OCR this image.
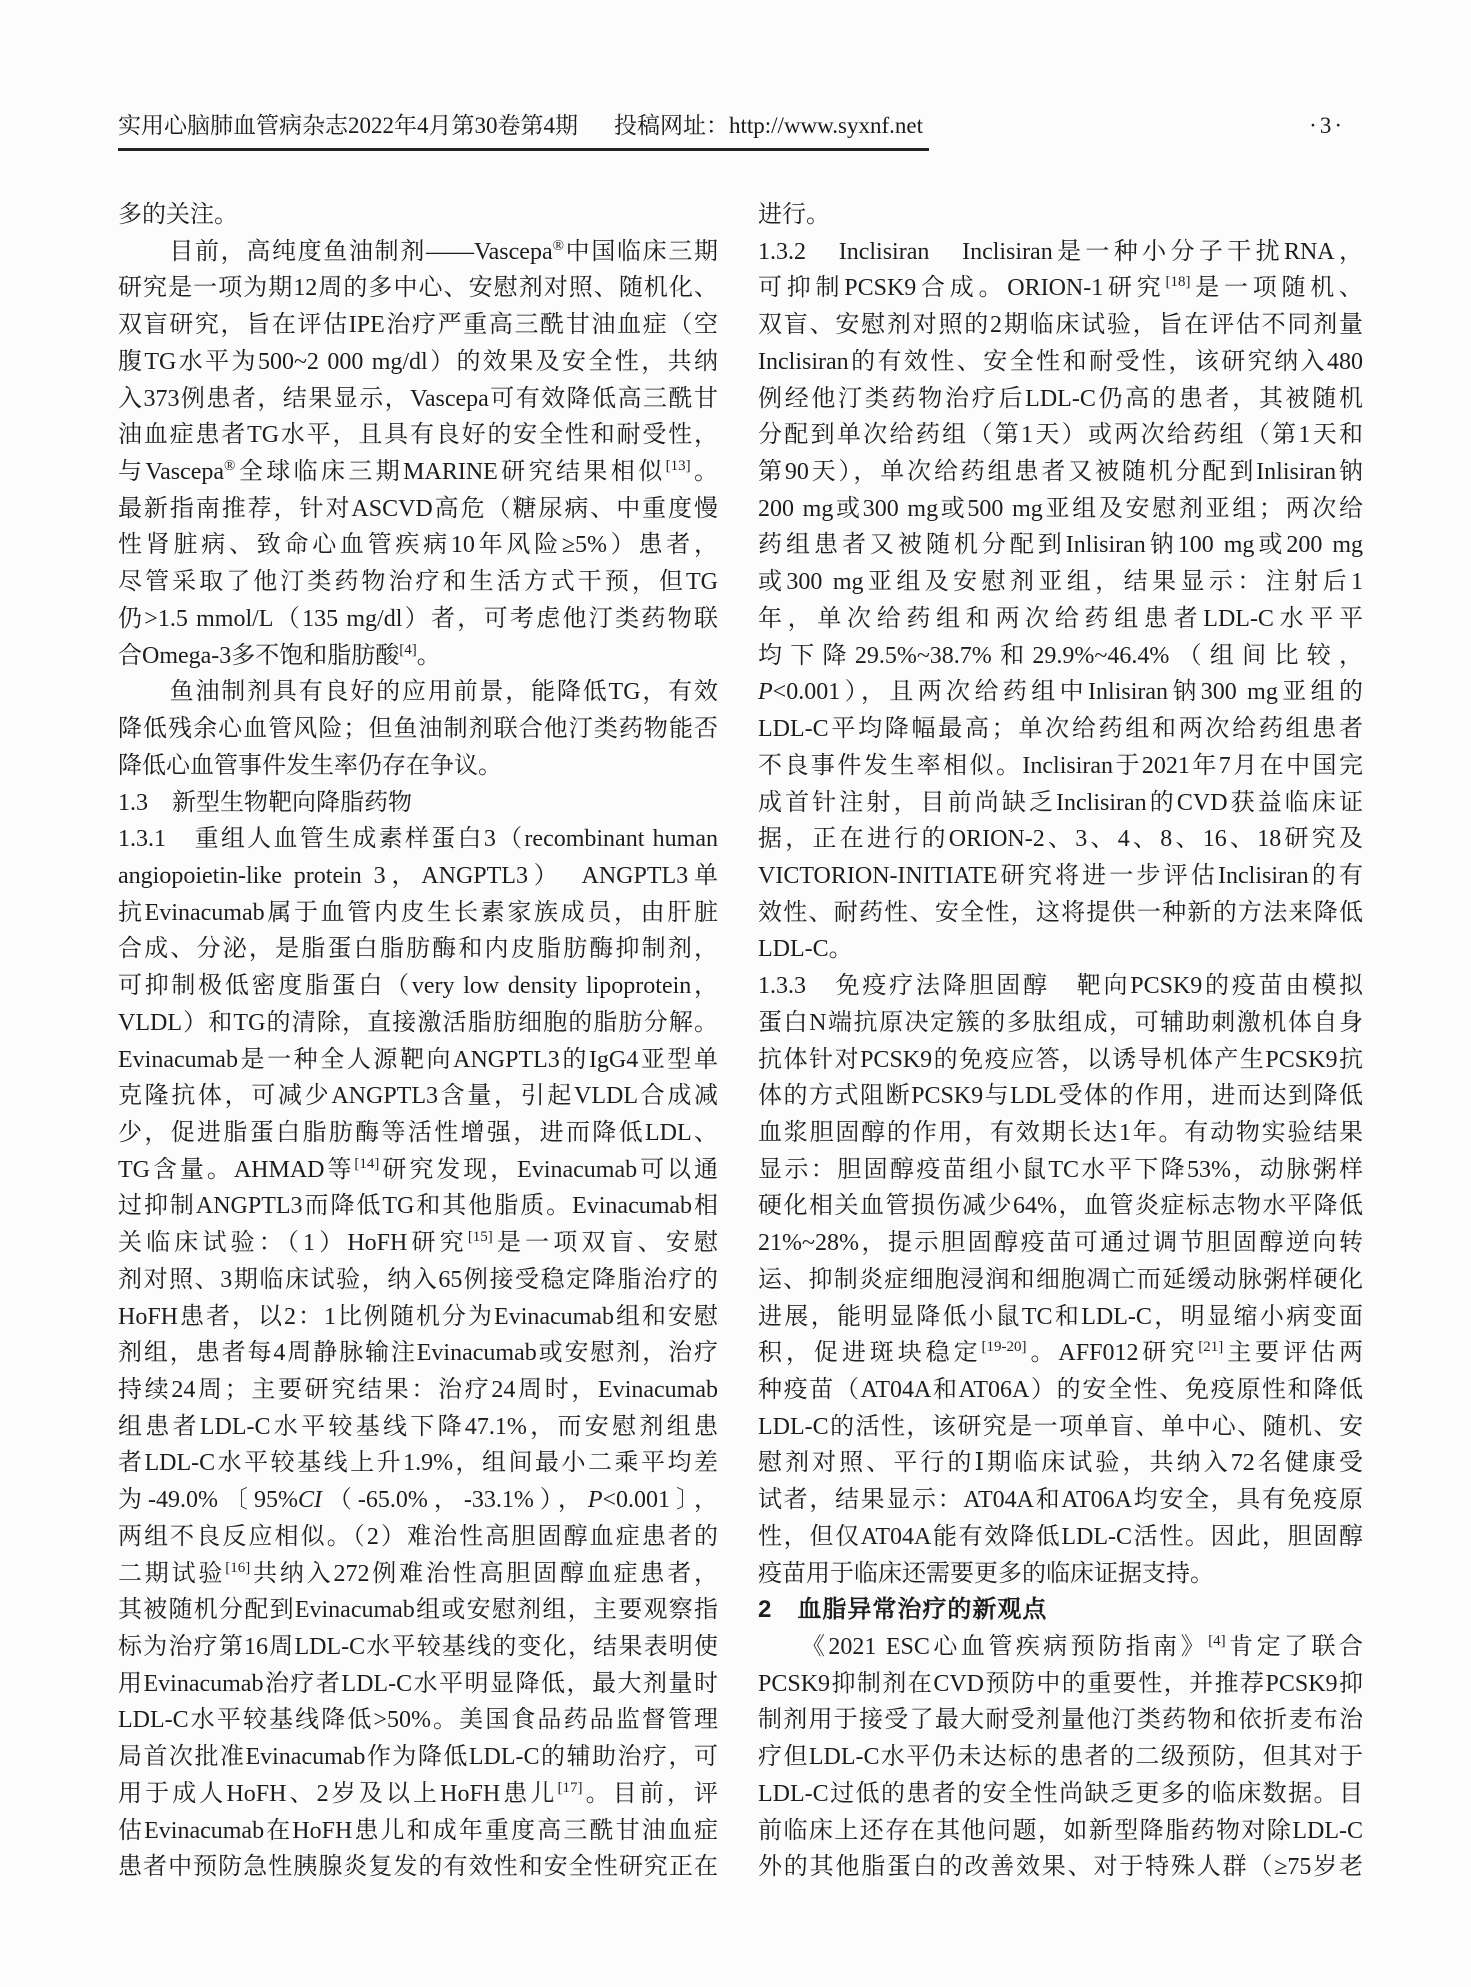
实用心脑肺血管病杂志2022年4月第30卷第4期 投稿网址：http://www.syxnf.net	·3·
多的关注。
　　目前，高纯度鱼油制剂——Vascepa®中国临床三期
研究是一项为期12周的多中心、安慰剂对照、随机化、
双盲研究，旨在评估IPE治疗严重高三酰甘油血症（空
腹TG水平为500~2 000 mg/dl）的效果及安全性，共纳
入373例患者，结果显示，Vascepa可有效降低高三酰甘
油血症患者TG水平，且具有良好的安全性和耐受性，
与Vascepa®全球临床三期MARINE研究结果相似[13]。
最新指南推荐，针对ASCVD高危（糖尿病、中重度慢
性肾脏病、致命心血管疾病10年风险≥5%）患者，
尽管采取了他汀类药物治疗和生活方式干预，但TG
仍>1.5 mmol/L（135 mg/dl）者，可考虑他汀类药物联
合Omega-3多不饱和脂肪酸[4]。
　　鱼油制剂具有良好的应用前景，能降低TG，有效
降低残余心血管风险；但鱼油制剂联合他汀类药物能否
降低心血管事件发生率仍存在争议。
1.3　新型生物靶向降脂药物
1.3.1　重组人血管生成素样蛋白3（recombinant human
angiopoietin-like protein 3，ANGPTL3）　ANGPTL3单
抗Evinacumab属于血管内皮生长素家族成员，由肝脏
合成、分泌，是脂蛋白脂肪酶和内皮脂肪酶抑制剂，
可抑制极低密度脂蛋白（very low density lipoprotein，
VLDL）和TG的清除，直接激活脂肪细胞的脂肪分解。
Evinacumab是一种全人源靶向ANGPTL3的IgG4亚型单
克隆抗体，可减少ANGPTL3含量，引起VLDL合成减
少，促进脂蛋白脂肪酶等活性增强，进而降低LDL、
TG含量。AHMAD等[14]研究发现，Evinacumab可以通
过抑制ANGPTL3而降低TG和其他脂质。Evinacumab相
关临床试验：（1）HoFH研究[15]是一项双盲、安慰
剂对照、3期临床试验，纳入65例接受稳定降脂治疗的
HoFH患者，以2：1比例随机分为Evinacumab组和安慰
剂组，患者每4周静脉输注Evinacumab或安慰剂，治疗
持续24周；主要研究结果：治疗24周时，Evinacumab
组患者LDL-C水平较基线下降47.1%，而安慰剂组患
者LDL-C水平较基线上升1.9%，组间最小二乘平均差
为-49.0%〔95%CI（-65.0%，-33.1%），P<0.001〕，
两组不良反应相似。（2）难治性高胆固醇血症患者的
二期试验[16]共纳入272例难治性高胆固醇血症患者，
其被随机分配到Evinacumab组或安慰剂组，主要观察指
标为治疗第16周LDL-C水平较基线的变化，结果表明使
用Evinacumab治疗者LDL-C水平明显降低，最大剂量时
LDL-C水平较基线降低>50%。美国食品药品监督管理
局首次批准Evinacumab作为降低LDL-C的辅助治疗，可
用于成人HoFH、2岁及以上HoFH患儿[17]。目前，评
估Evinacumab在HoFH患儿和成年重度高三酰甘油血症
患者中预防急性胰腺炎复发的有效性和安全性研究正在
进行。
1.3.2　Inclisiran　Inclisiran是一种小分子干扰RNA，
可抑制PCSK9合成。ORION-1研究[18]是一项随机、
双盲、安慰剂对照的2期临床试验，旨在评估不同剂量
Inclisiran的有效性、安全性和耐受性，该研究纳入480
例经他汀类药物治疗后LDL-C仍高的患者，其被随机
分配到单次给药组（第1天）或两次给药组（第1天和
第90天），单次给药组患者又被随机分配到Inlisiran钠
200 mg或300 mg或500 mg亚组及安慰剂亚组；两次给
药组患者又被随机分配到Inlisiran钠100 mg或200 mg
或300 mg亚组及安慰剂亚组，结果显示：注射后1
年，单次给药组和两次给药组患者LDL-C水平平
均下降29.5%~38.7%和29.9%~46.4%（组间比较，
P<0.001），且两次给药组中Inlisiran钠300 mg亚组的
LDL-C平均降幅最高；单次给药组和两次给药组患者
不良事件发生率相似。Inclisiran于2021年7月在中国完
成首针注射，目前尚缺乏Inclisiran的CVD获益临床证
据，正在进行的ORION-2、3、4、8、16、18研究及
VICTORION-INITIATE研究将进一步评估Inclisiran的有
效性、耐药性、安全性，这将提供一种新的方法来降低
LDL-C。
1.3.3　免疫疗法降胆固醇　靶向PCSK9的疫苗由模拟
蛋白N端抗原决定簇的多肽组成，可辅助刺激机体自身
抗体针对PCSK9的免疫应答，以诱导机体产生PCSK9抗
体的方式阻断PCSK9与LDL受体的作用，进而达到降低
血浆胆固醇的作用，有效期长达1年。有动物实验结果
显示：胆固醇疫苗组小鼠TC水平下降53%，动脉粥样
硬化相关血管损伤减少64%，血管炎症标志物水平降低
21%~28%，提示胆固醇疫苗可通过调节胆固醇逆向转
运、抑制炎症细胞浸润和细胞凋亡而延缓动脉粥样硬化
进展，能明显降低小鼠TC和LDL-C，明显缩小病变面
积，促进斑块稳定[19-20]。AFF012研究[21]主要评估两
种疫苗（AT04A和AT06A）的安全性、免疫原性和降低
LDL-C的活性，该研究是一项单盲、单中心、随机、安
慰剂对照、平行的Ⅰ期临床试验，共纳入72名健康受
试者，结果显示：AT04A和AT06A均安全，具有免疫原
性，但仅AT04A能有效降低LDL-C活性。因此，胆固醇
疫苗用于临床还需要更多的临床证据支持。
2　血脂异常治疗的新观点
　　《2021 ESC心血管疾病预防指南》[4]肯定了联合
PCSK9抑制剂在CVD预防中的重要性，并推荐PCSK9抑
制剂用于接受了最大耐受剂量他汀类药物和依折麦布治
疗但LDL-C水平仍未达标的患者的二级预防，但其对于
LDL-C过低的患者的安全性尚缺乏更多的临床数据。目
前临床上还存在其他问题，如新型降脂药物对除LDL-C
外的其他脂蛋白的改善效果、对于特殊人群（≥75岁老
